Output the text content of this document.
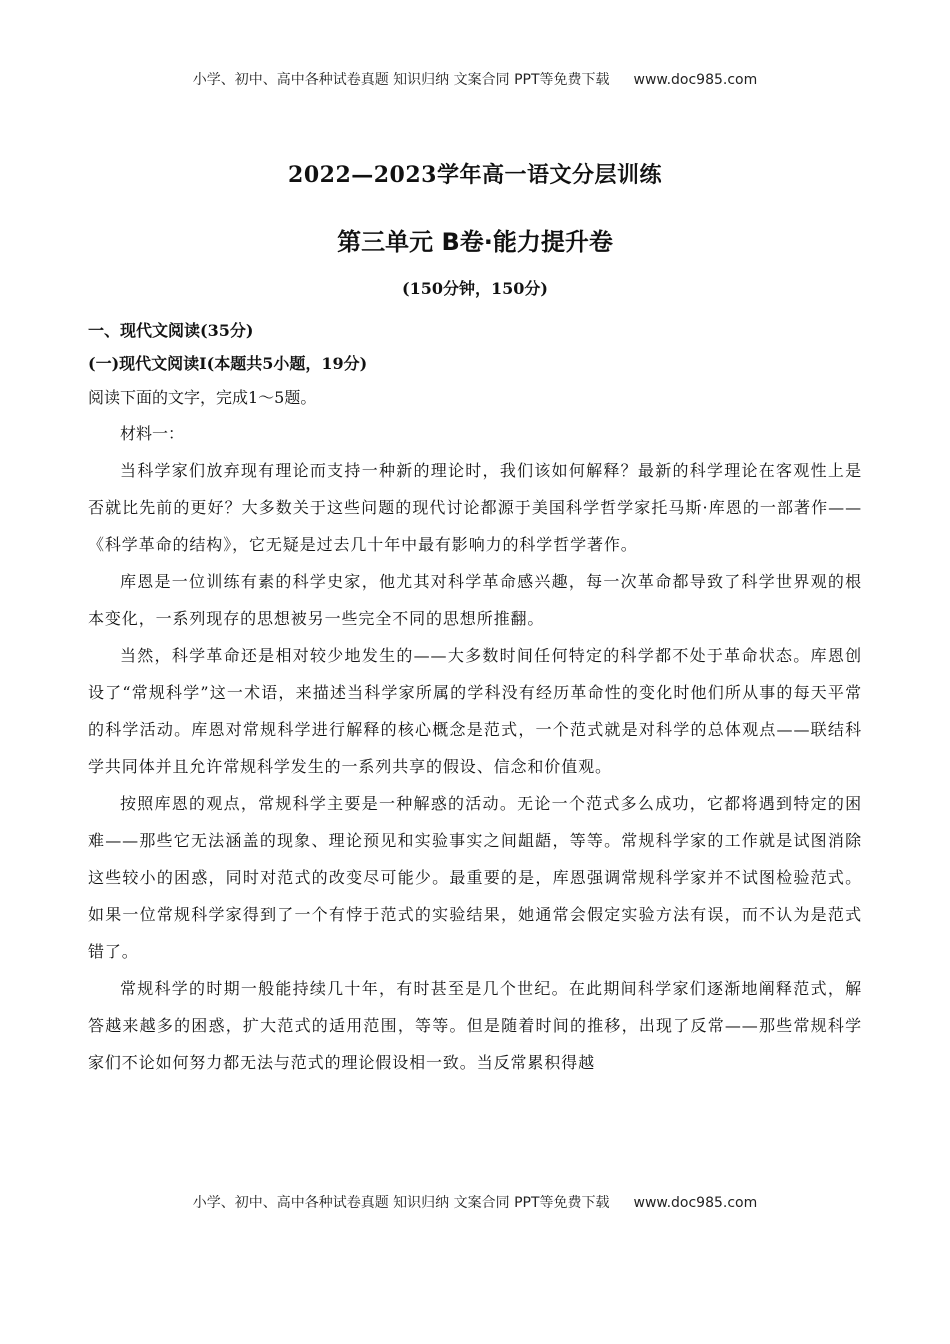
小学、初中、高中各种试卷真题 知识归纳 文案合同 PPT等免费下载 www.doc985.com
2022—2023学年高一语文分层训练
第三单元 B卷·能力提升卷
(150分钟，150分)
一、现代文阅读(35分)
(一)现代文阅读Ⅰ(本题共5小题，19分)
阅读下面的文字，完成1～5题。
材料一：

当科学家们放弃现有理论而支持一种新的理论时，我们该如何解释？最新的科学理论在客观性上是否就比先前的更好？大多数关于这些问题的现代讨论都源于美国科学哲学家托马斯·库恩的一部著作——《科学革命的结构》，它无疑是过去几十年中最有影响力的科学哲学著作。

库恩是一位训练有素的科学史家，他尤其对科学革命感兴趣，每一次革命都导致了科学世界观的根本变化，一系列现存的思想被另一些完全不同的思想所推翻。

当然，科学革命还是相对较少地发生的——大多数时间任何特定的科学都不处于革命状态。库恩创设了“常规科学”这一术语，来描述当科学家所属的学科没有经历革命性的变化时他们所从事的每天平常的科学活动。库恩对常规科学进行解释的核心概念是范式，一个范式就是对科学的总体观点——联结科学共同体并且允许常规科学发生的一系列共享的假设、信念和价值观。

按照库恩的观点，常规科学主要是一种解惑的活动。无论一个范式多么成功，它都将遇到特定的困难——那些它无法涵盖的现象、理论预见和实验事实之间龃龉，等等。常规科学家的工作就是试图消除这些较小的困惑，同时对范式的改变尽可能少。最重要的是，库恩强调常规科学家并不试图检验范式。如果一位常规科学家得到了一个有悖于范式的实验结果，她通常会假定实验方法有误，而不认为是范式错了。

常规科学的时期一般能持续几十年，有时甚至是几个世纪。在此期间科学家们逐渐地阐释范式，解答越来越多的困惑，扩大范式的适用范围，等等。但是随着时间的推移，出现了反常——那些常规科学家们不论如何努力都无法与范式的理论假设相一致。当反常累积得越

小学、初中、高中各种试卷真题 知识归纳 文案合同 PPT等免费下载 www.doc985.com
